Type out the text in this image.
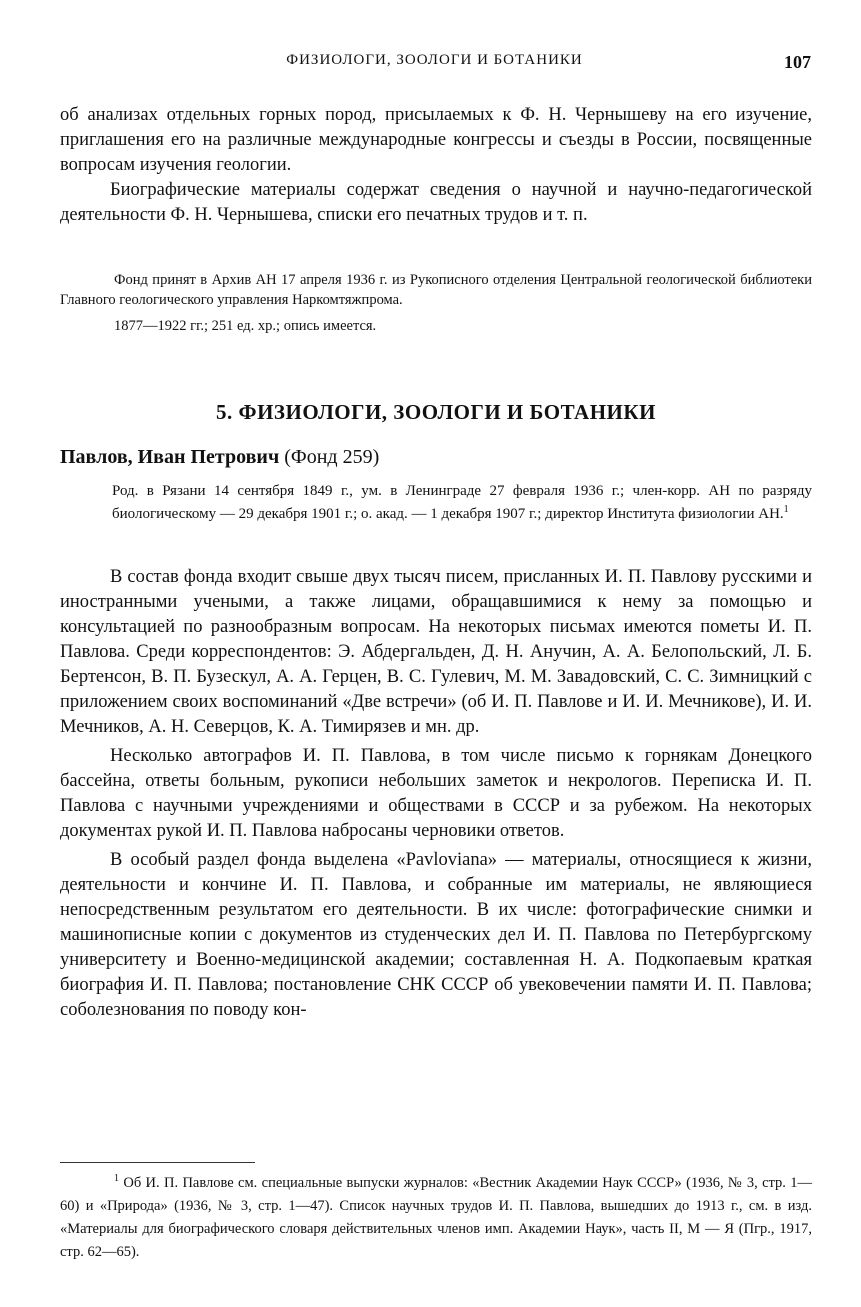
ФИЗИОЛОГИ, ЗООЛОГИ И БОТАНИКИ	107

об анализах отдельных горных пород, присылаемых к Ф. Н. Чернышеву на его изучение, приглашения его на различные международные конгрессы и съезды в России, посвященные вопросам изучения геологии.

Биографические материалы содержат сведения о научной и научно-педагогической деятельности Ф. Н. Чернышева, списки его печатных трудов и т. п.

Фонд принят в Архив АН 17 апреля 1936 г. из Рукописного отделения Центральной геологической библиотеки Главного геологического управления Наркомтяжпрома.

1877—1922 гг.; 251 ед. хр.; опись имеется.

5. ФИЗИОЛОГИ, ЗООЛОГИ И БОТАНИКИ
Павлов, Иван Петрович (Фонд 259)

Род. в Рязани 14 сентября 1849 г., ум. в Ленинграде 27 февраля 1936 г.; член-корр. АН по разряду биологическому — 29 декабря 1901 г.; о. акад. — 1 декабря 1907 г.; директор Института физиологии АН.$^1$

В состав фонда входит свыше двух тысяч писем, присланных И. П. Павлову русскими и иностранными учеными, а также лицами, обращавшимися к нему за помощью и консультацией по разнообразным вопросам. На некоторых письмах имеются пометы И. П. Павлова. Среди корреспондентов: Э. Абдергальден, Д. Н. Анучин, А. А. Белопольский, Л. Б. Бертенсон, В. П. Бузескул, А. А. Герцен, В. С. Гулевич, М. М. Завадовский, С. С. Зимницкий с приложением своих воспоминаний «Две встречи» (об И. П. Павлове и И. И. Мечникове), И. И. Мечников, А. Н. Северцов, К. А. Тимирязев и мн. др.

Несколько автографов И. П. Павлова, в том числе письмо к горнякам Донецкого бассейна, ответы больным, рукописи небольших заметок и некрологов. Переписка И. П. Павлова с научными учреждениями и обществами в СССР и за рубежом. На некоторых документах рукой И. П. Павлова набросаны черновики ответов.

В особый раздел фонда выделена «Pavloviana» — материалы, относящиеся к жизни, деятельности и кончине И. П. Павлова, и собранные им материалы, не являющиеся непосредственным результатом его деятельности. В их числе: фотографические снимки и машинописные копии с документов из студенческих дел И. П. Павлова по Петербургскому университету и Военно-медицинской академии; составленная Н. А. Подкопаевым краткая биография И. П. Павлова; постановление СНК СССР об увековечении памяти И. П. Павлова; соболезнования по поводу кон-

$^1$ Об И. П. Павлове см. специальные выпуски журналов: «Вестник Академии Наук СССР» (1936, № 3, стр. 1—60) и «Природа» (1936, № 3, стр. 1—47). Список научных трудов И. П. Павлова, вышедших до 1913 г., см. в изд. «Материалы для биографического словаря действительных членов имп. Академии Наук», часть II, М — Я (Пгр., 1917, стр. 62—65).
